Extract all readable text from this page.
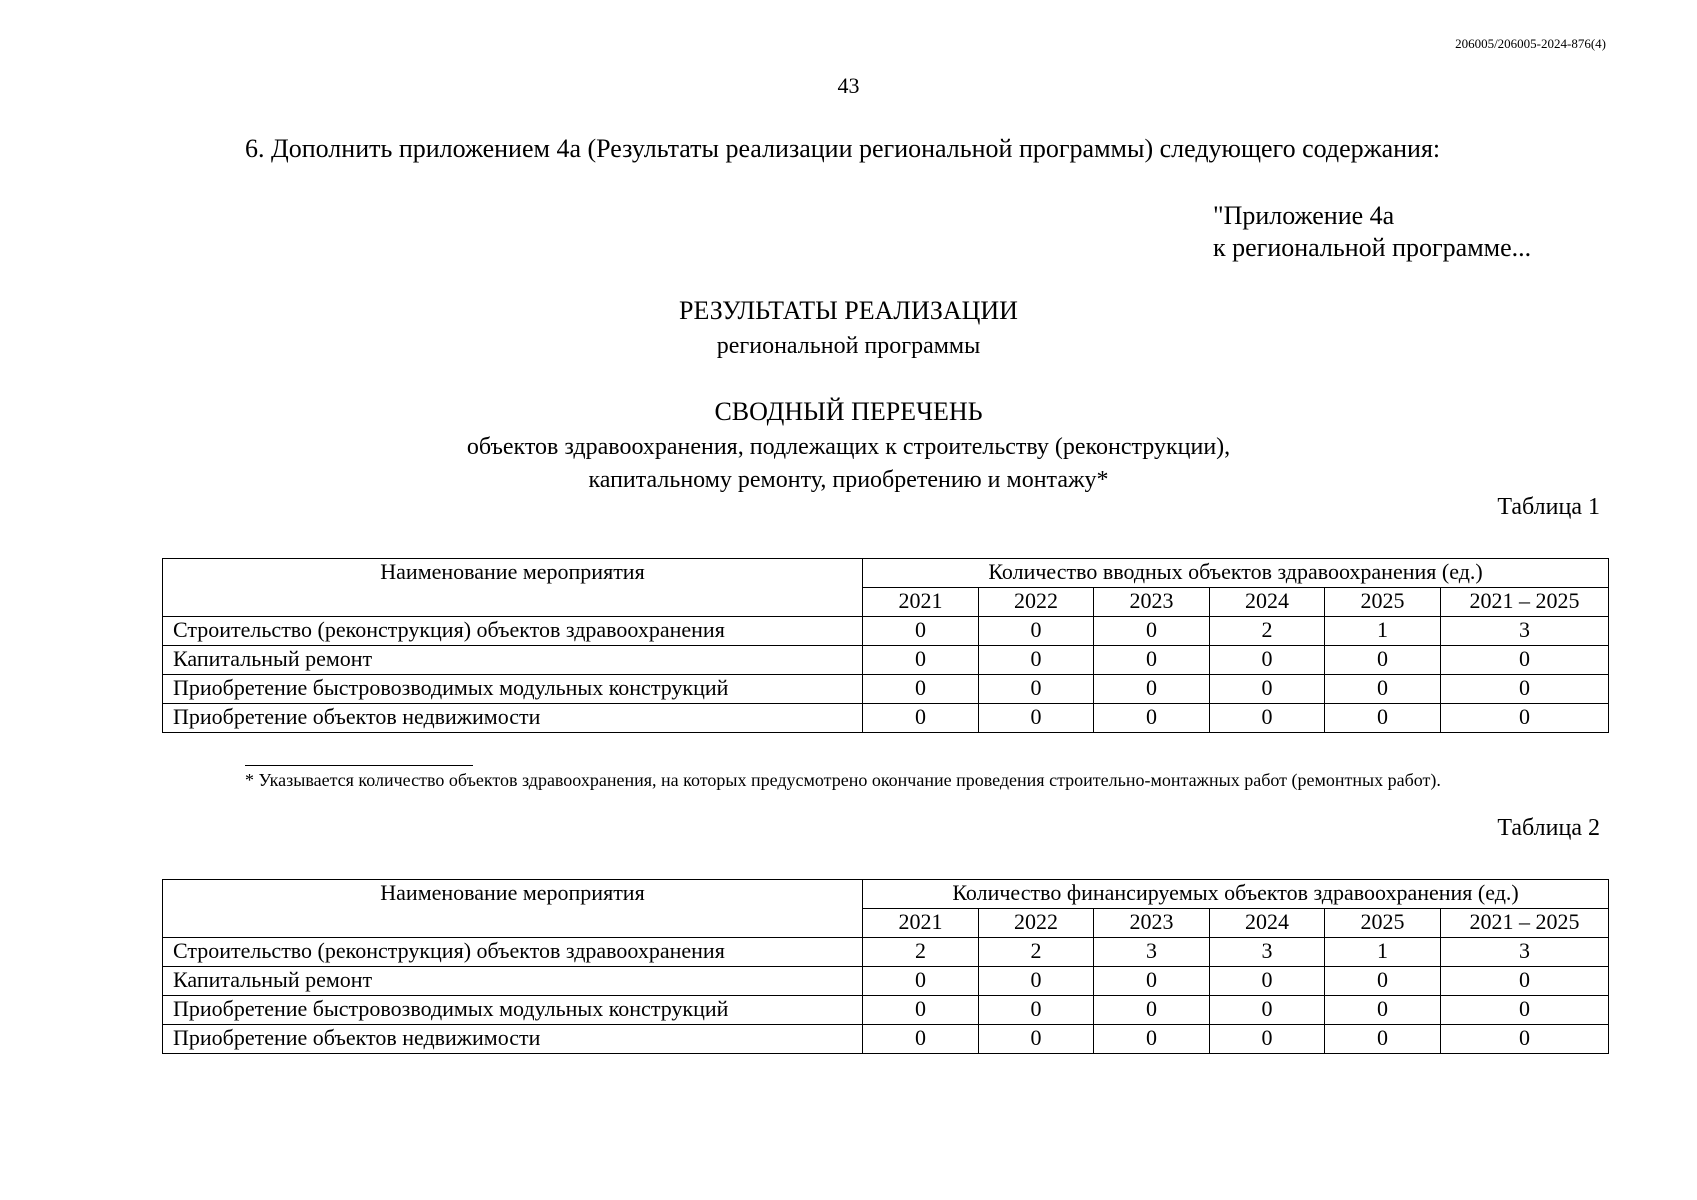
206005/206005-2024-876(4)
43
6. Дополнить приложением 4а (Результаты реализации региональной программы) следующего содержания:
"Приложение 4а
к региональной программе...
РЕЗУЛЬТАТЫ РЕАЛИЗАЦИИ
региональной программы
СВОДНЫЙ ПЕРЕЧЕНЬ
объектов здравоохранения, подлежащих к строительству (реконструкции),
капитальному ремонту, приобретению и монтажу*
Таблица 1
Наименование мероприятия	Количество вводных объектов здравоохранения (ед.)					
	2021	2022	2023	2024	2025	2021 – 2025
Строительство (реконструкция) объектов здравоохранения	0	0	0	2	1	3
Капитальный ремонт	0	0	0	0	0	0
Приобретение быстровозводимых модульных конструкций	0	0	0	0	0	0
Приобретение объектов недвижимости	0	0	0	0	0	0
* Указывается количество объектов здравоохранения, на которых предусмотрено окончание проведения строительно-монтажных работ (ремонтных работ).
Таблица 2
Наименование мероприятия	Количество финансируемых объектов здравоохранения (ед.)					
	2021	2022	2023	2024	2025	2021 – 2025
Строительство (реконструкция) объектов здравоохранения	2	2	3	3	1	3
Капитальный ремонт	0	0	0	0	0	0
Приобретение быстровозводимых модульных конструкций	0	0	0	0	0	0
Приобретение объектов недвижимости	0	0	0	0	0	0
